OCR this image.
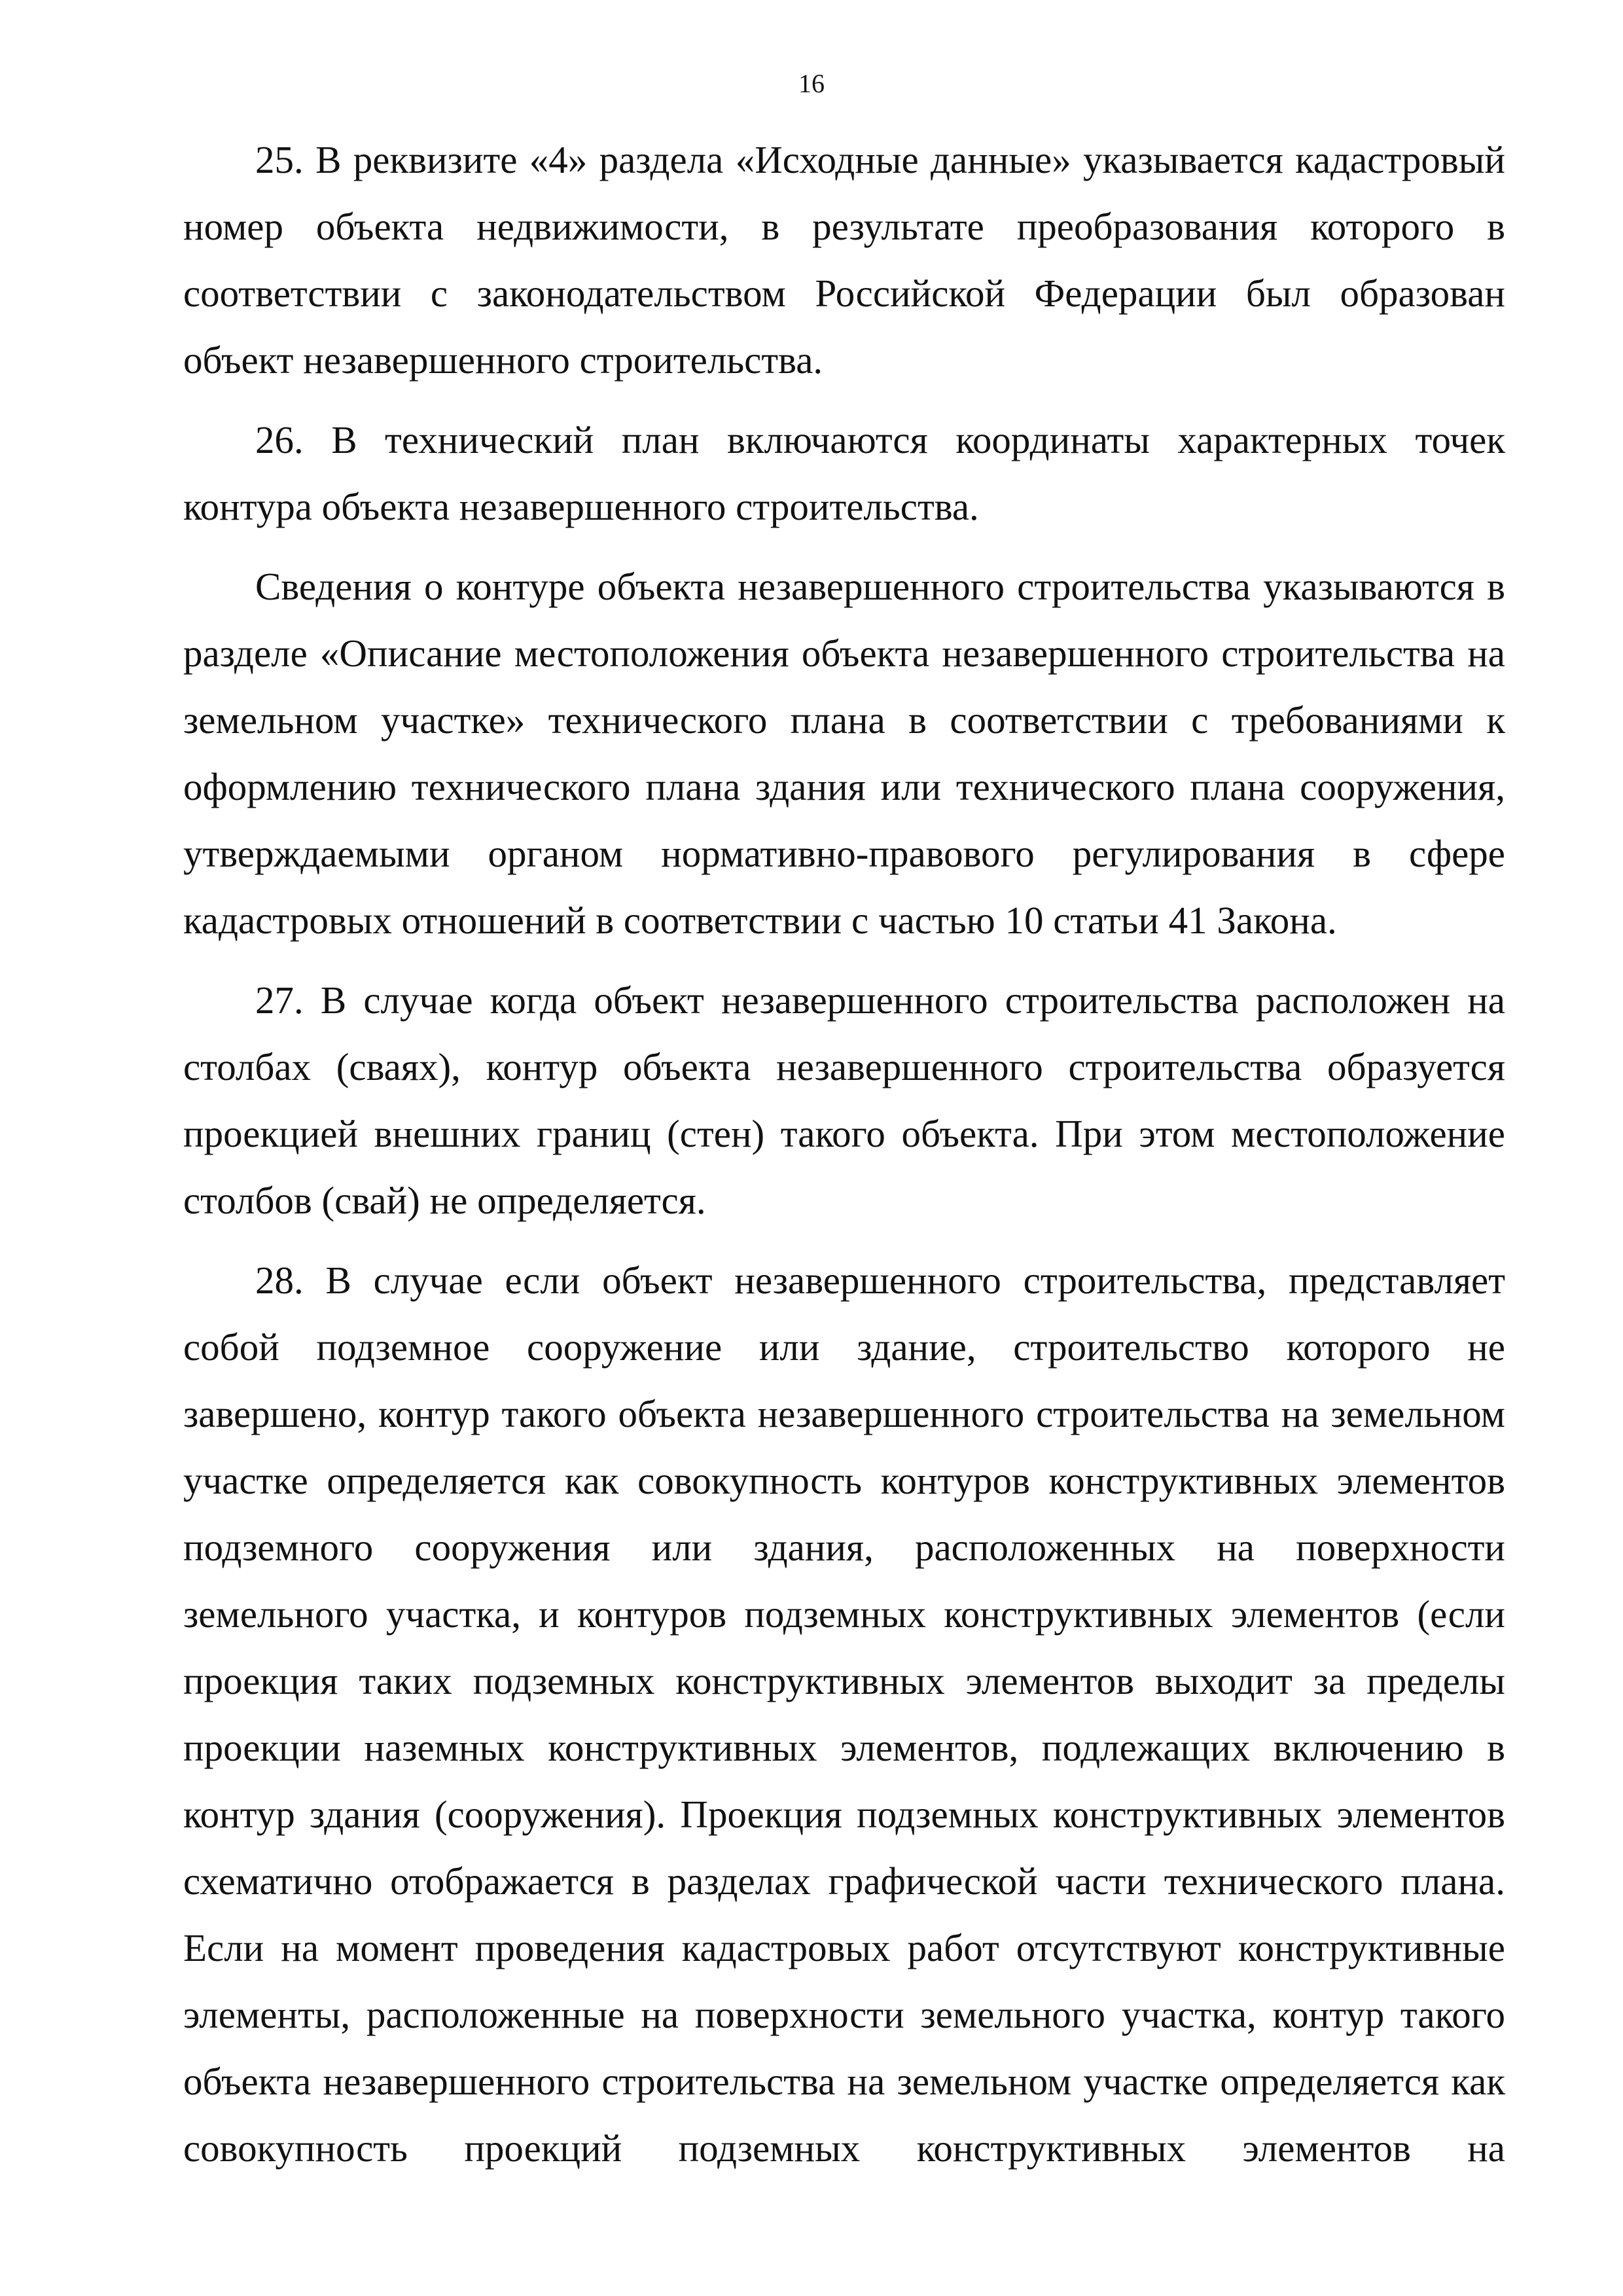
16

25. В реквизите «4» раздела «Исходные данные» указывается кадастровый номер объекта недвижимости, в результате преобразования которого в соответствии с законодательством Российской Федерации был образован объект незавершенного строительства.

26. В технический план включаются координаты характерных точек контура объекта незавершенного строительства.

Сведения о контуре объекта незавершенного строительства указываются в разделе «Описание местоположения объекта незавершенного строительства на земельном участке» технического плана в соответствии с требованиями к оформлению технического плана здания или технического плана сооружения, утверждаемыми органом нормативно-правового регулирования в сфере кадастровых отношений в соответствии с частью 10 статьи 41 Закона.

27. В случае когда объект незавершенного строительства расположен на столбах (сваях), контур объекта незавершенного строительства образуется проекцией внешних границ (стен) такого объекта. При этом местоположение столбов (свай) не определяется.

28. В случае если объект незавершенного строительства, представляет собой подземное сооружение или здание, строительство которого не завершено, контур такого объекта незавершенного строительства на земельном участке определяется как совокупность контуров конструктивных элементов подземного сооружения или здания, расположенных на поверхности земельного участка, и контуров подземных конструктивных элементов (если проекция таких подземных конструктивных элементов выходит за пределы проекции наземных конструктивных элементов, подлежащих включению в контур здания (сооружения). Проекция подземных конструктивных элементов схематично отображается в разделах графической части технического плана. Если на момент проведения кадастровых работ отсутствуют конструктивные элементы, расположенные на поверхности земельного участка, контур такого объекта незавершенного строительства на земельном участке определяется как совокупность проекций подземных конструктивных элементов на
